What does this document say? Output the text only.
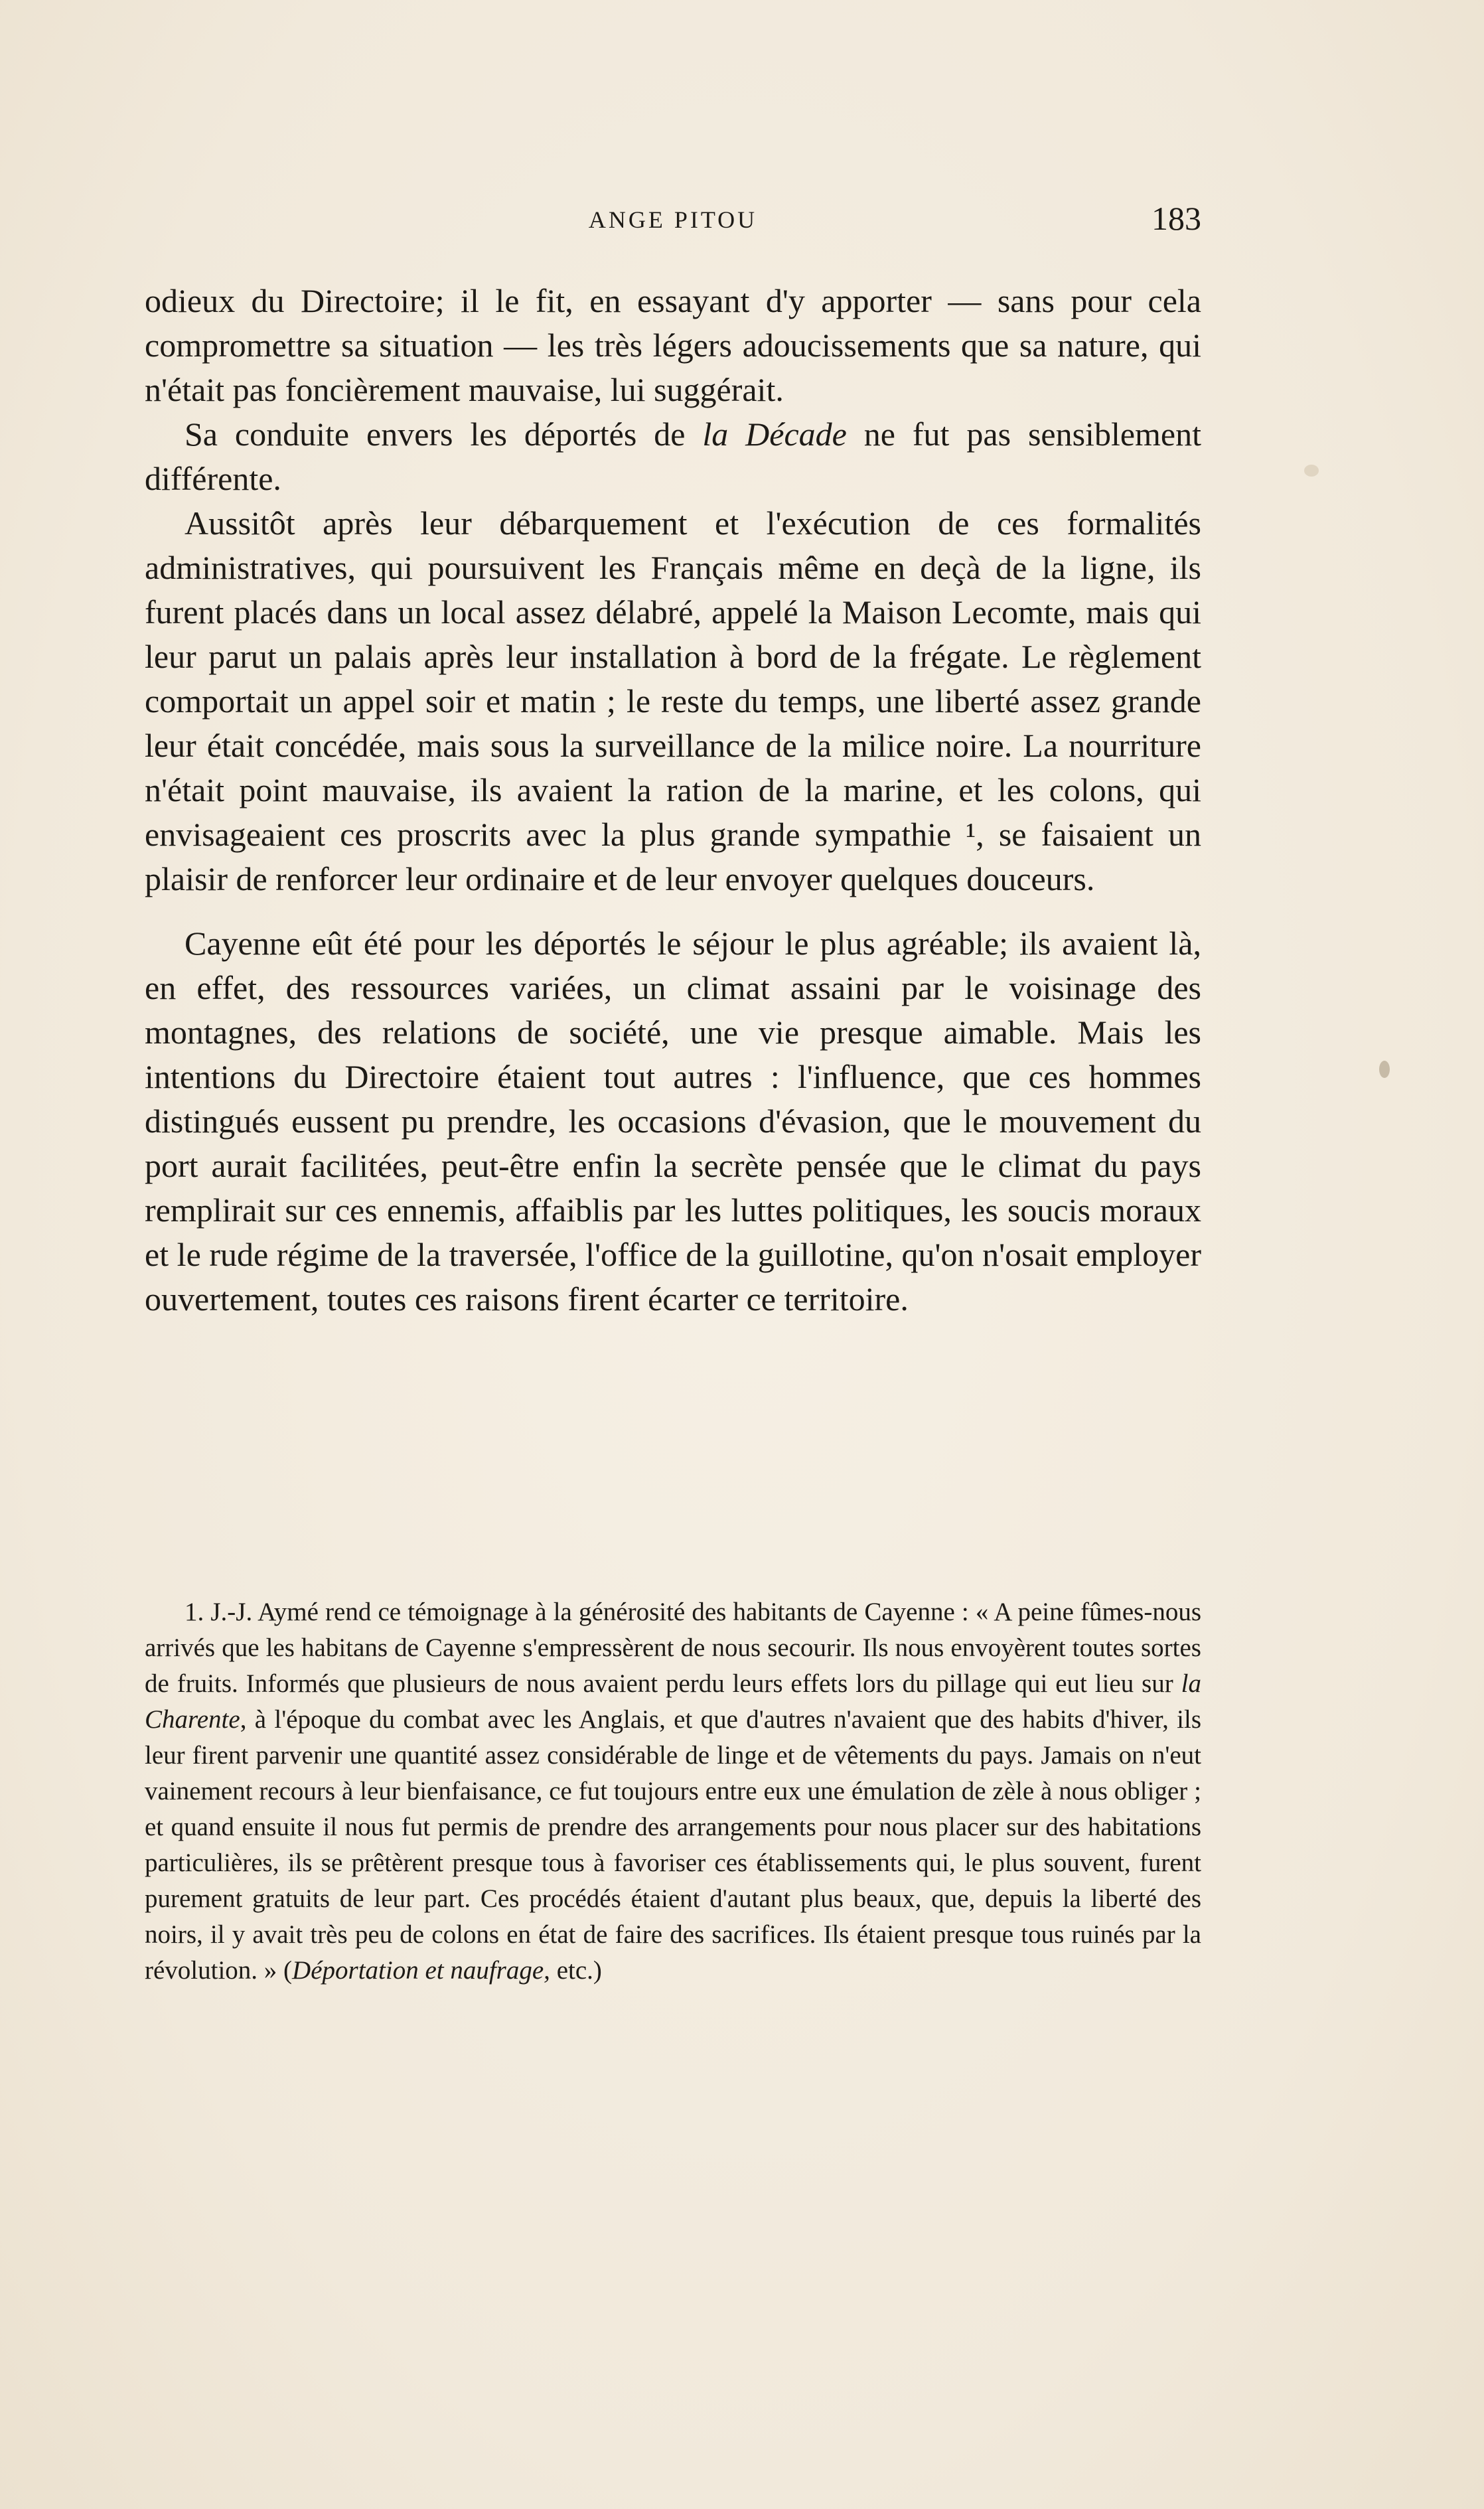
ANGE PITOU	183

odieux du Directoire; il le fit, en essayant d'y apporter — sans pour cela compromettre sa situation — les très légers adoucissements que sa nature, qui n'était pas foncièrement mauvaise, lui suggérait.

Sa conduite envers les déportés de la Décade ne fut pas sensiblement différente.

Aussitôt après leur débarquement et l'exécution de ces formalités administratives, qui poursuivent les Français même en deçà de la ligne, ils furent placés dans un local assez délabré, appelé la Maison Lecomte, mais qui leur parut un palais après leur installation à bord de la frégate. Le règlement comportait un appel soir et matin ; le reste du temps, une liberté assez grande leur était concédée, mais sous la surveillance de la milice noire. La nourriture n'était point mauvaise, ils avaient la ration de la marine, et les colons, qui envisageaient ces proscrits avec la plus grande sympathie ¹, se faisaient un plaisir de renforcer leur ordinaire et de leur envoyer quelques douceurs.

Cayenne eût été pour les déportés le séjour le plus agréable; ils avaient là, en effet, des ressources variées, un climat assaini par le voisinage des montagnes, des relations de société, une vie presque aimable. Mais les intentions du Directoire étaient tout autres : l'influence, que ces hommes distingués eussent pu prendre, les occasions d'évasion, que le mouvement du port aurait facilitées, peut-être enfin la secrète pensée que le climat du pays remplirait sur ces ennemis, affaiblis par les luttes politiques, les soucis moraux et le rude régime de la traversée, l'office de la guillotine, qu'on n'osait employer ouvertement, toutes ces raisons firent écarter ce territoire.

1. J.-J. Aymé rend ce témoignage à la générosité des habitants de Cayenne : « A peine fûmes-nous arrivés que les habitans de Cayenne s'empressèrent de nous secourir. Ils nous envoyèrent toutes sortes de fruits. Informés que plusieurs de nous avaient perdu leurs effets lors du pillage qui eut lieu sur la Charente, à l'époque du combat avec les Anglais, et que d'autres n'avaient que des habits d'hiver, ils leur firent parvenir une quantité assez considérable de linge et de vêtements du pays. Jamais on n'eut vainement recours à leur bienfaisance, ce fut toujours entre eux une émulation de zèle à nous obliger ; et quand ensuite il nous fut permis de prendre des arrangements pour nous placer sur des habitations particulières, ils se prêtèrent presque tous à favoriser ces établissements qui, le plus souvent, furent purement gratuits de leur part. Ces procédés étaient d'autant plus beaux, que, depuis la liberté des noirs, il y avait très peu de colons en état de faire des sacrifices. Ils étaient presque tous ruinés par la révolution. » (Déportation et naufrage, etc.)
